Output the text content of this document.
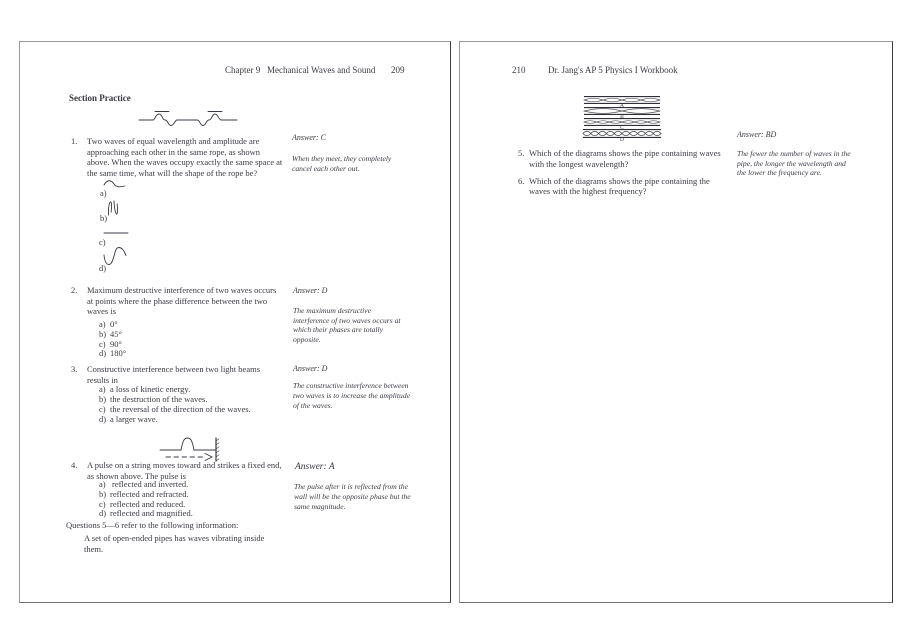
Chapter 9   Mechanical Waves and Sound 209
Section Practice
1. Two waves of equal wavelength and amplitude are
approaching each other in the same rope, as shown
above. When the waves occupy exactly the same space at
the same time, what will the shape of the rope be?
a)
b)
c)
d)
Answer: C
When they meet, they completely
cancel each other out.
2. Maximum destructive interference of two waves occurs
at points where the phase difference between the two
waves is
a) 0°
b) 45°
c) 90°
d) 180°
Answer: D
The maximum destructive
interference of two waves occurs at
which their phases are totally
opposite.
3. Constructive interference between two light beams
results in
a) a loss of kinetic energy.
b) the destruction of the waves.
c) the reversal of the direction of the waves.
d) a larger wave.
Answer: D
The constructive interference between
two waves is to increase the amplitude
of the waves.
4. A pulse on a string moves toward and strikes a fixed end,
as shown above. The pulse is
a) reflected and inverted.
b) reflected and refracted.
c) reflected and reduced.
d) reflected and magnified.
Answer: A
The pulse after it is reflected from the
wall will be the opposite phase but the
same magnitude.
Questions 5—6 refer to the following information:
A set of open-ended pipes has waves vibrating inside
them.
210	Dr. Jang's AP 5 Physics I Workbook
A
B
C
D
Answer: BD
5. Which of the diagrams shows the pipe containing waves
with the longest wavelength?
The fewer the number of waves in the
pipe, the longer the wavelength and
the lower the frequency are.
6. Which of the diagrams shows the pipe containing the
waves with the highest frequency?
